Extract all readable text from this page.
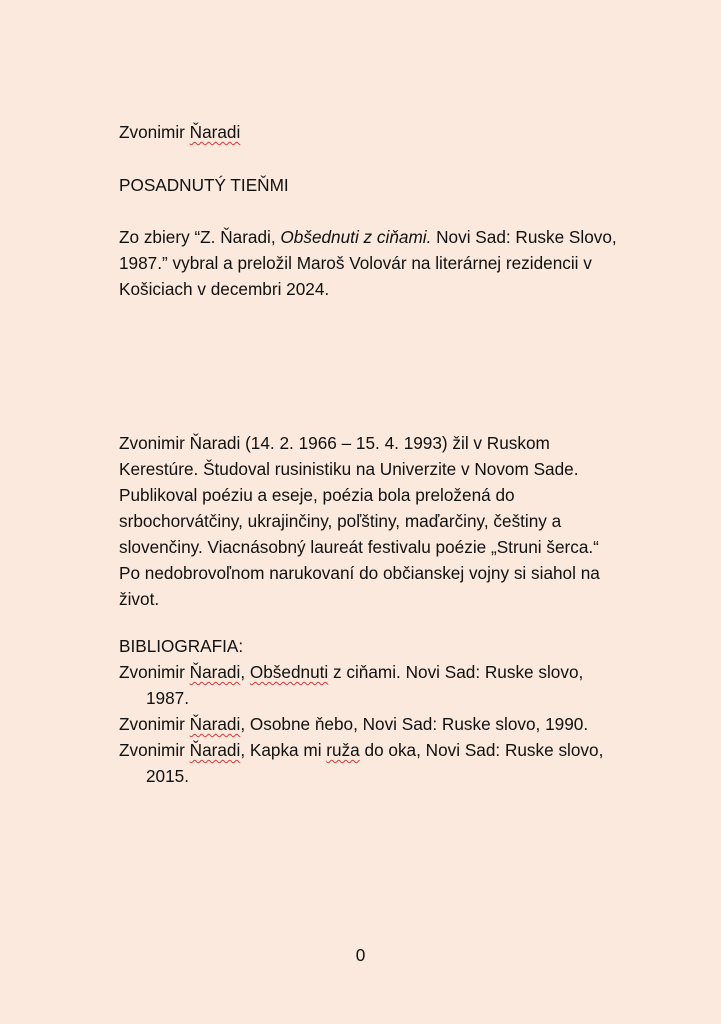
Zvonimir Ňaradi

POSADNUTÝ TIEŇMI

Zo zbiery “Z. Ňaradi, Obšednuti z ciňami. Novi Sad: Ruske Slovo, 1987.” vybral a preložil Maroš Volovár na literárnej rezidencii v Košiciach v decembri 2024.

Zvonimir Ňaradi (14. 2. 1966 – 15. 4. 1993) žil v Ruskom Kerestúre. Študoval rusinistiku na Univerzite v Novom Sade. Publikoval poéziu a eseje, poézia bola preložená do srbochorvátčiny, ukrajinčiny, poľštiny, maďarčiny, češtiny a slovenčiny. Viacnásobný laureát festivalu poézie „Struni šerca.“ Po nedobrovoľnom narukovaní do občianskej vojny si siahol na život.

BIBLIOGRAFIA:

Zvonimir Ňaradi, Obšednuti z ciňami. Novi Sad: Ruske slovo, 1987.
Zvonimir Ňaradi, Osobne ňebo, Novi Sad: Ruske slovo, 1990.
Zvonimir Ňaradi, Kapka mi ruža do oka, Novi Sad: Ruske slovo, 2015.
0
